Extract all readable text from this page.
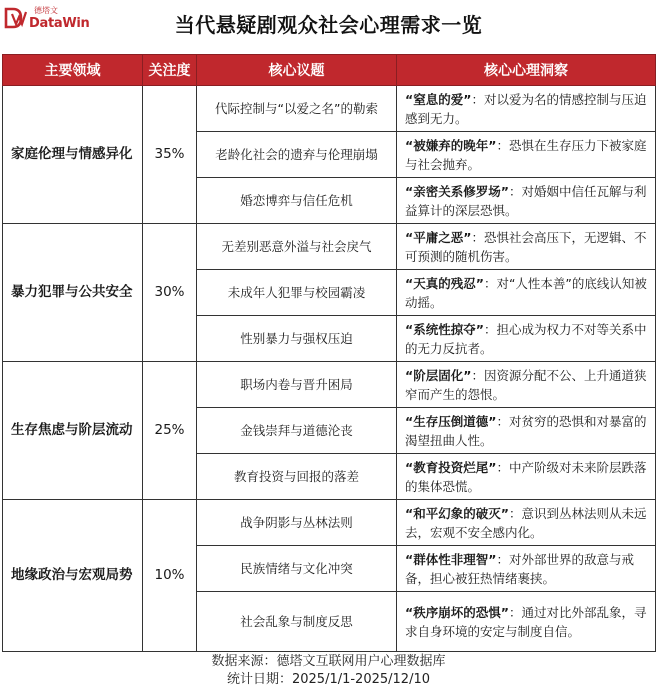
德塔文
DataWin	当代悬疑剧观众社会心理需求一览
主要领域	关注度	核心议题	核心心理洞察
家庭伦理与情感异化	35%	代际控制与“以爱之名”的勒索	“窒息的爱”：对以爱为名的情感控制与压迫感到无力。
		老龄化社会的遗弃与伦理崩塌	“被嫌弃的晚年”：恐惧在生存压力下被家庭与社会抛弃。
		婚恋博弈与信任危机	“亲密关系修罗场”：对婚姻中信任瓦解与利益算计的深层恐惧。
暴力犯罪与公共安全	30%	无差别恶意外溢与社会戾气	“平庸之恶”：恐惧社会高压下，无逻辑、不可预测的随机伤害。
		未成年人犯罪与校园霸凌	“天真的残忍”：对“人性本善”的底线认知被动摇。
		性别暴力与强权压迫	“系统性掠夺”：担心成为权力不对等关系中的无力反抗者。
生存焦虑与阶层流动	25%	职场内卷与晋升困局	“阶层固化”：因资源分配不公、上升通道狭窄而产生的怨恨。
		金钱崇拜与道德沦丧	“生存压倒道德”：对贫穷的恐惧和对暴富的渴望扭曲人性。
		教育投资与回报的落差	“教育投资烂尾”：中产阶级对未来阶层跌落的集体恐慌。
地缘政治与宏观局势	10%	战争阴影与丛林法则	“和平幻象的破灭”：意识到丛林法则从未远去，宏观不安全感内化。
		民族情绪与文化冲突	“群体性非理智”：对外部世界的敌意与戒备，担心被狂热情绪裹挟。
		社会乱象与制度反思	“秩序崩坏的恐惧”：通过对比外部乱象，寻求自身环境的安定与制度自信。
数据来源：德塔文互联网用户心理数据库
统计日期：2025/1/1-2025/12/10
